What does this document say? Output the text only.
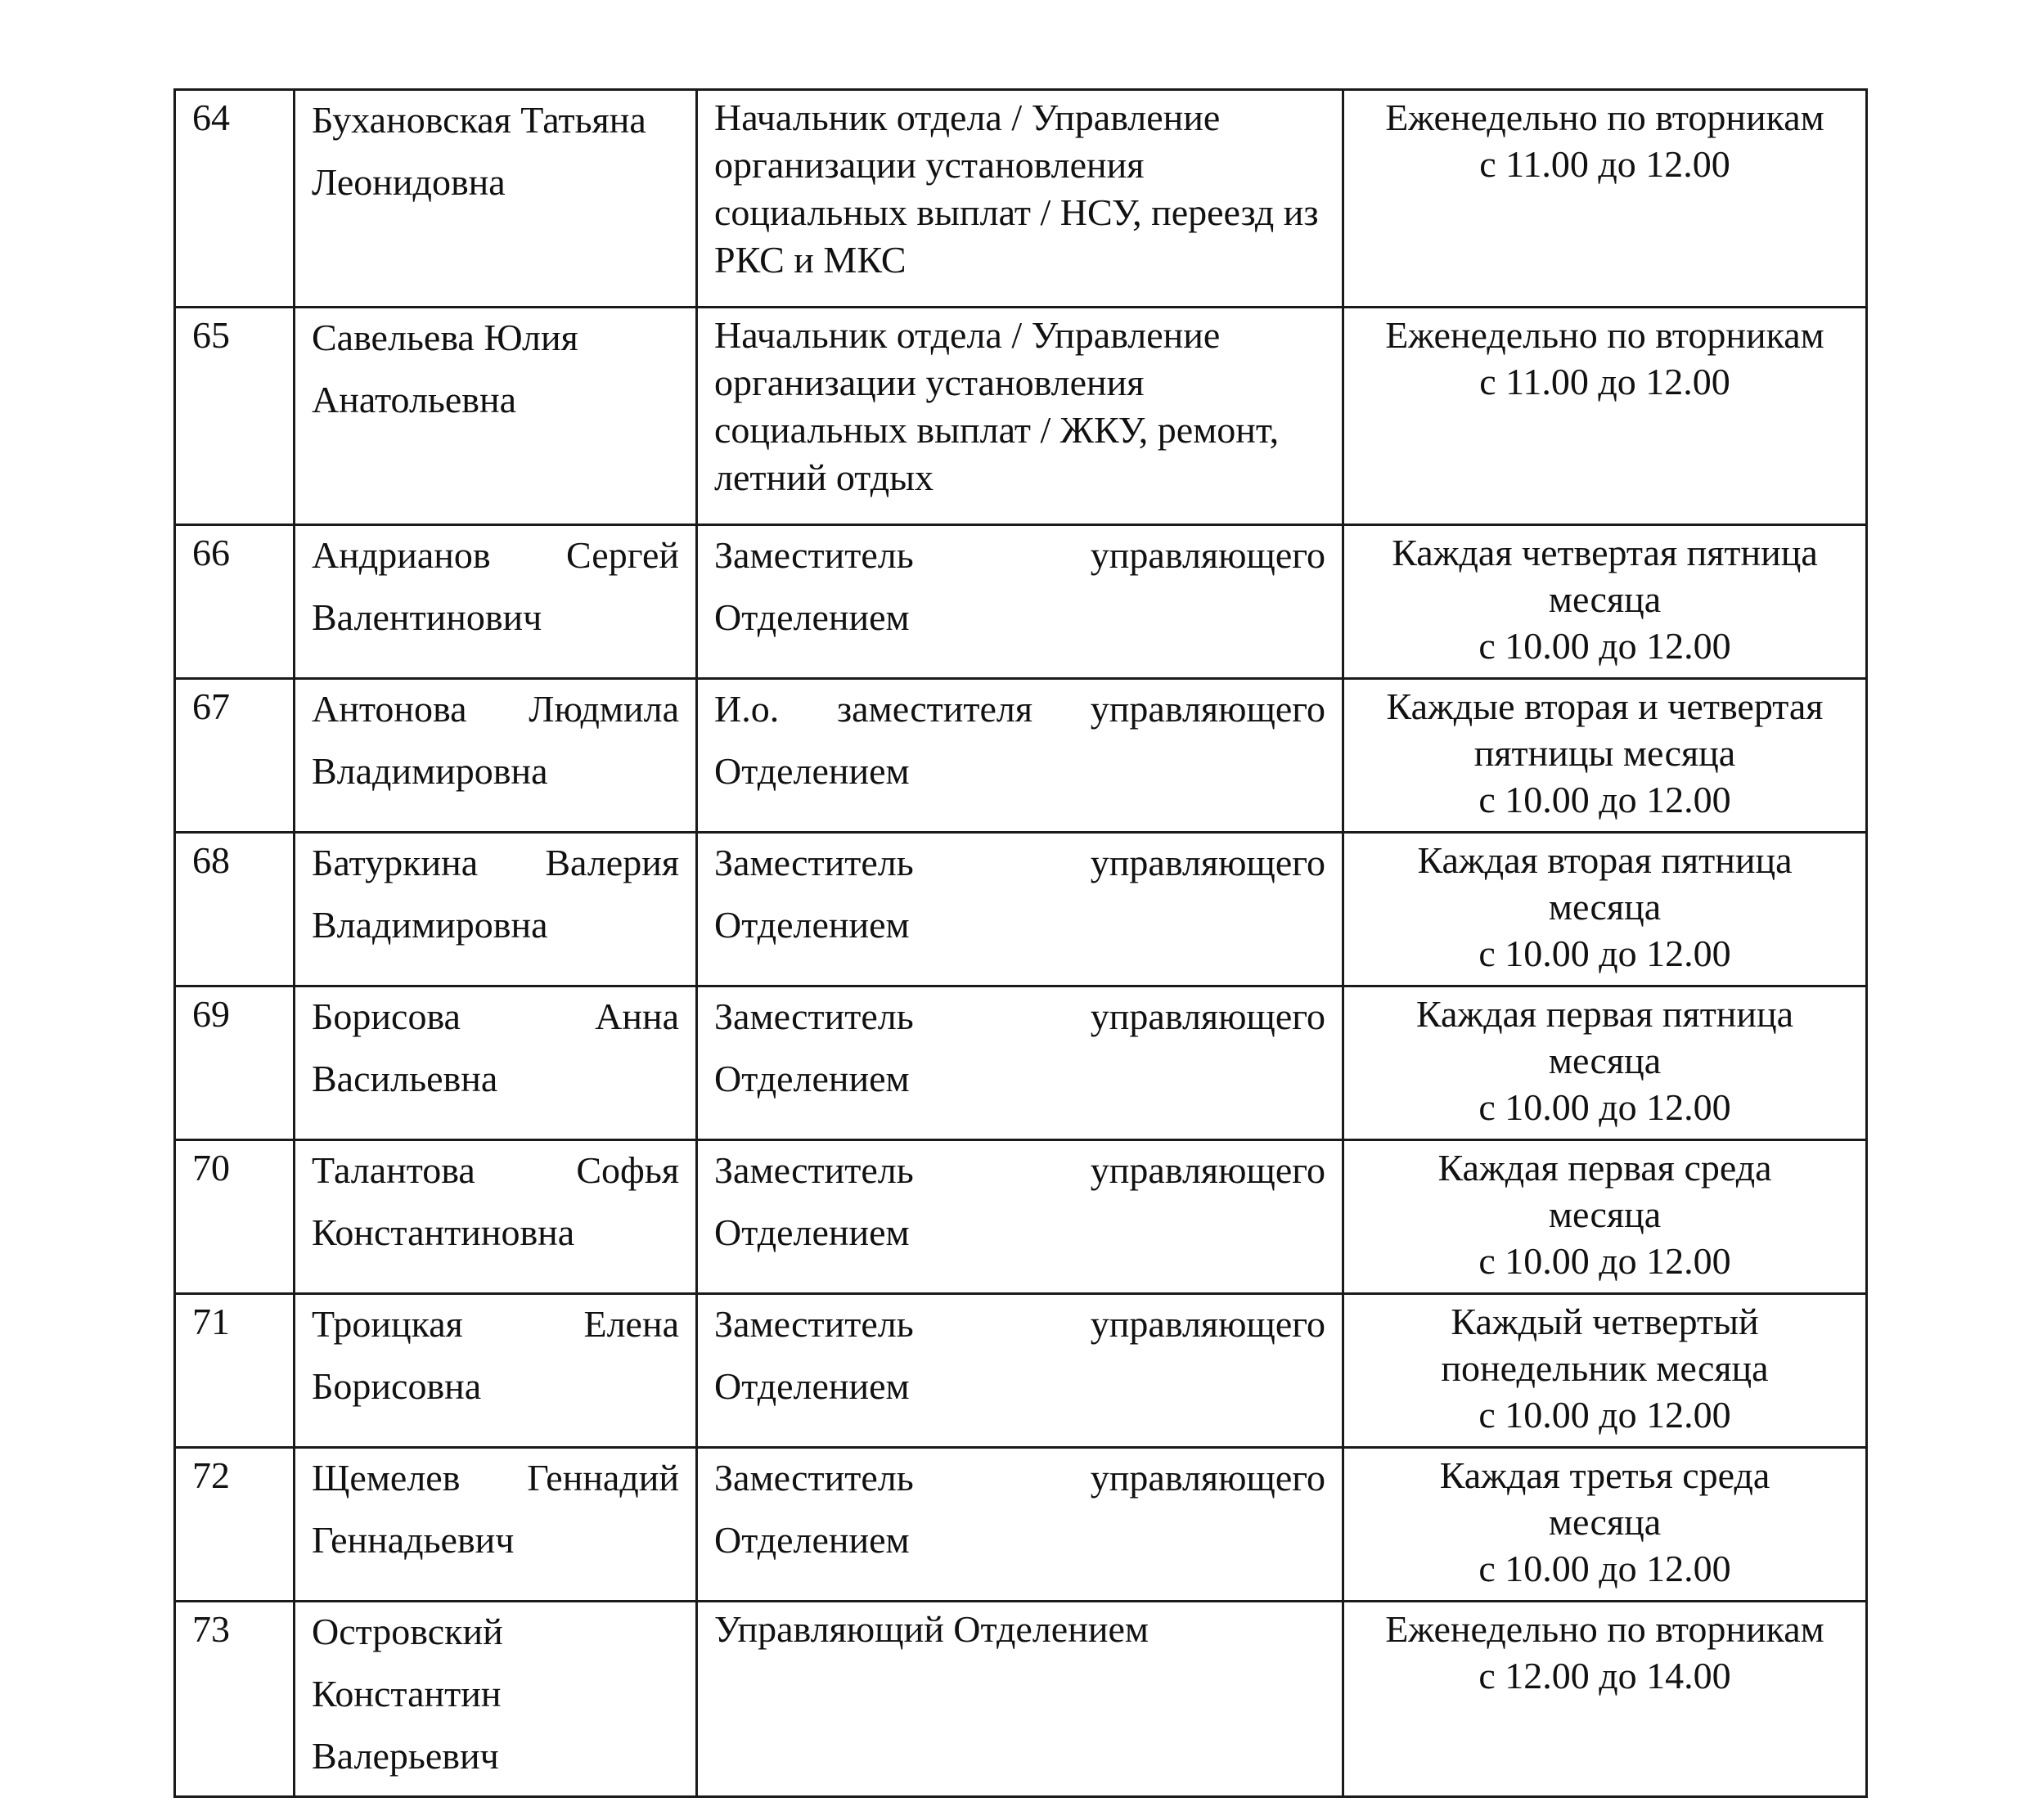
64	Бухановская Татьяна Леонидовна	Начальник отдела / Управление организации установления социальных выплат / НСУ, переезд из РКС и МКС	Еженедельно по вторникам
с 11.00 до 12.00

65	Савельева Юлия Анатольевна	Начальник отдела / Управление организации установления социальных выплат / ЖКУ, ремонт, летний отдых	Еженедельно по вторникам
с 11.00 до 12.00

66	Андрианов Сергей Валентинович	Заместитель управляющего Отделением	Каждая четвертая пятница
месяца
с 10.00 до 12.00

67	Антонова Людмила Владимировна	И.о. заместителя управляющего Отделением	Каждые вторая и четвертая
пятницы месяца
с 10.00 до 12.00

68	Батуркина Валерия Владимировна	Заместитель управляющего Отделением	Каждая вторая пятница
месяца
с 10.00 до 12.00

69	Борисова Анна Васильевна	Заместитель управляющего Отделением	Каждая первая пятница
месяца
с 10.00 до 12.00

70	Талантова Софья Константиновна	Заместитель управляющего Отделением	Каждая первая среда
месяца
с 10.00 до 12.00

71	Троицкая Елена Борисовна	Заместитель управляющего Отделением	Каждый четвертый
понедельник месяца
с 10.00 до 12.00

72	Щемелев Геннадий Геннадьевич	Заместитель управляющего Отделением	Каждая третья среда
месяца
с 10.00 до 12.00

73	Островский Константин Валерьевич	Управляющий Отделением	Еженедельно по вторникам
с 12.00 до 14.00
